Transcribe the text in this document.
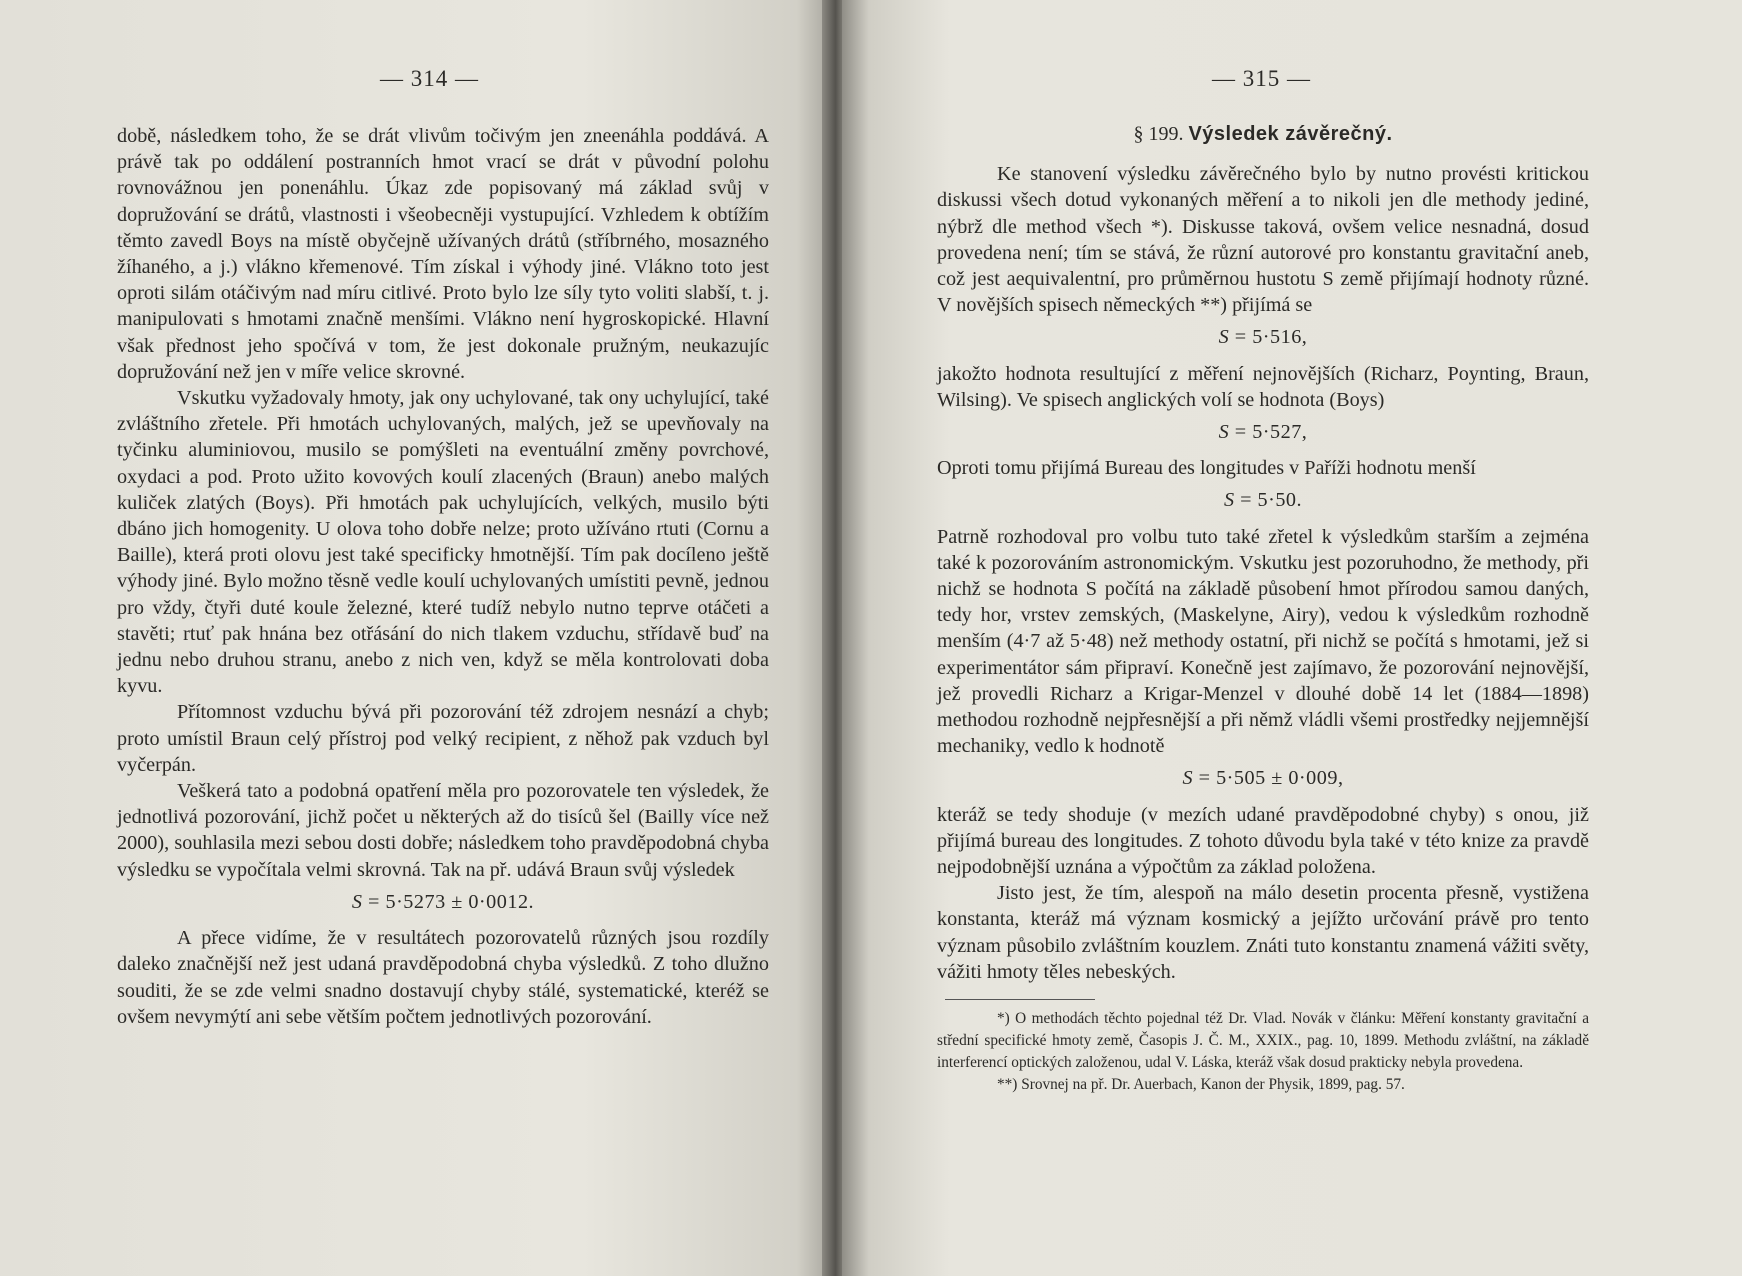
— 314 —

době, následkem toho, že se drát vlivům točivým jen zneenáhla poddává. A právě tak po oddálení postranních hmot vrací se drát v původní polohu rovnovážnou jen ponenáhlu. Úkaz zde popisovaný má základ svůj v dopružování se drátů, vlastnosti i všeobecněji vystupující. Vzhledem k obtížím těmto zavedl Boys na místě obyčejně užívaných drátů (stříbrného, mosazného žíhaného, a j.) vlákno křemenové. Tím získal i výhody jiné. Vlákno toto jest oproti silám otáčivým nad míru citlivé. Proto bylo lze síly tyto voliti slabší, t. j. manipulovati s hmotami značně menšími. Vlákno není hygroskopické. Hlavní však přednost jeho spočívá v tom, že jest dokonale pružným, neukazujíc dopružování než jen v míře velice skrovné.

Vskutku vyžadovaly hmoty, jak ony uchylované, tak ony uchylující, také zvláštního zřetele. Při hmotách uchylovaných, malých, jež se upevňovaly na tyčinku aluminiovou, musilo se pomýšleti na eventuální změny povrchové, oxydaci a pod. Proto užito kovových koulí zlacených (Braun) anebo malých kuliček zlatých (Boys). Při hmotách pak uchylujících, velkých, musilo býti dbáno jich homogenity. U olova toho dobře nelze; proto užíváno rtuti (Cornu a Baille), která proti olovu jest také specificky hmotnější. Tím pak docíleno ještě výhody jiné. Bylo možno těsně vedle koulí uchylovaných umístiti pevně, jednou pro vždy, čtyři duté koule železné, které tudíž nebylo nutno teprve otáčeti a stavěti; rtuť pak hnána bez otřásání do nich tlakem vzduchu, střídavě buď na jednu nebo druhou stranu, anebo z nich ven, když se měla kontrolovati doba kyvu.

Přítomnost vzduchu bývá při pozorování též zdrojem nesnází a chyb; proto umístil Braun celý přístroj pod velký recipient, z něhož pak vzduch byl vyčerpán.

Veškerá tato a podobná opatření měla pro pozorovatele ten výsledek, že jednotlivá pozorování, jichž počet u některých až do tisíců šel (Bailly více než 2000), souhlasila mezi sebou dosti dobře; následkem toho pravděpodobná chyba výsledku se vypočítala velmi skrovná. Tak na př. udává Braun svůj výsledek

S = 5·5273 ± 0·0012.

A přece vidíme, že v resultátech pozorovatelů různých jsou rozdíly daleko značnější než jest udaná pravděpodobná chyba výsledků. Z toho dlužno souditi, že se zde velmi snadno dostavují chyby stálé, systematické, kteréž se ovšem nevymýtí ani sebe větším počtem jednotlivých pozorování.

— 315 —

§ 199. Výsledek závěrečný.

Ke stanovení výsledku závěrečného bylo by nutno provésti kritickou diskussi všech dotud vykonaných měření a to nikoli jen dle methody jediné, nýbrž dle method všech *). Diskusse taková, ovšem velice nesnadná, dosud provedena není; tím se stává, že různí autorové pro konstantu gravitační aneb, což jest aequivalentní, pro průměrnou hustotu S země přijímají hodnoty různé. V novějších spisech německých **) přijímá se

S = 5·516,

jakožto hodnota resultující z měření nejnovějších (Richarz, Poynting, Braun, Wilsing). Ve spisech anglických volí se hodnota (Boys)

S = 5·527,

Oproti tomu přijímá Bureau des longitudes v Paříži hodnotu menší

S = 5·50.

Patrně rozhodoval pro volbu tuto také zřetel k výsledkům starším a zejména také k pozorováním astronomickým. Vskutku jest pozoruhodno, že methody, při nichž se hodnota S počítá na základě působení hmot přírodou samou daných, tedy hor, vrstev zemských, (Maskelyne, Airy), vedou k výsledkům rozhodně menším (4·7 až 5·48) než methody ostatní, při nichž se počítá s hmotami, jež si experimentátor sám připraví. Konečně jest zajímavo, že pozorování nejnovější, jež provedli Richarz a Krigar-Menzel v dlouhé době 14 let (1884—1898) methodou rozhodně nejpřesnější a při němž vládli všemi prostředky nejjemnější mechaniky, vedlo k hodnotě

S = 5·505 ± 0·009,

kteráž se tedy shoduje (v mezích udané pravděpodobné chyby) s onou, již přijímá bureau des longitudes. Z tohoto důvodu byla také v této knize za pravdě nejpodobnější uznána a výpočtům za základ položena.

Jisto jest, že tím, alespoň na málo desetin procenta přesně, vystižena konstanta, kteráž má význam kosmický a jejížto určování právě pro tento význam působilo zvláštním kouzlem. Znáti tuto konstantu znamená vážiti světy, vážiti hmoty těles nebeských.

*) O methodách těchto pojednal též Dr. Vlad. Novák v článku: Měření konstanty gravitační a střední specifické hmoty země, Časopis J. Č. M., XXIX., pag. 10, 1899. Methodu zvláštní, na základě interferencí optických založenou, udal V. Láska, kteráž však dosud prakticky nebyla provedena.

**) Srovnej na př. Dr. Auerbach, Kanon der Physik, 1899, pag. 57.
